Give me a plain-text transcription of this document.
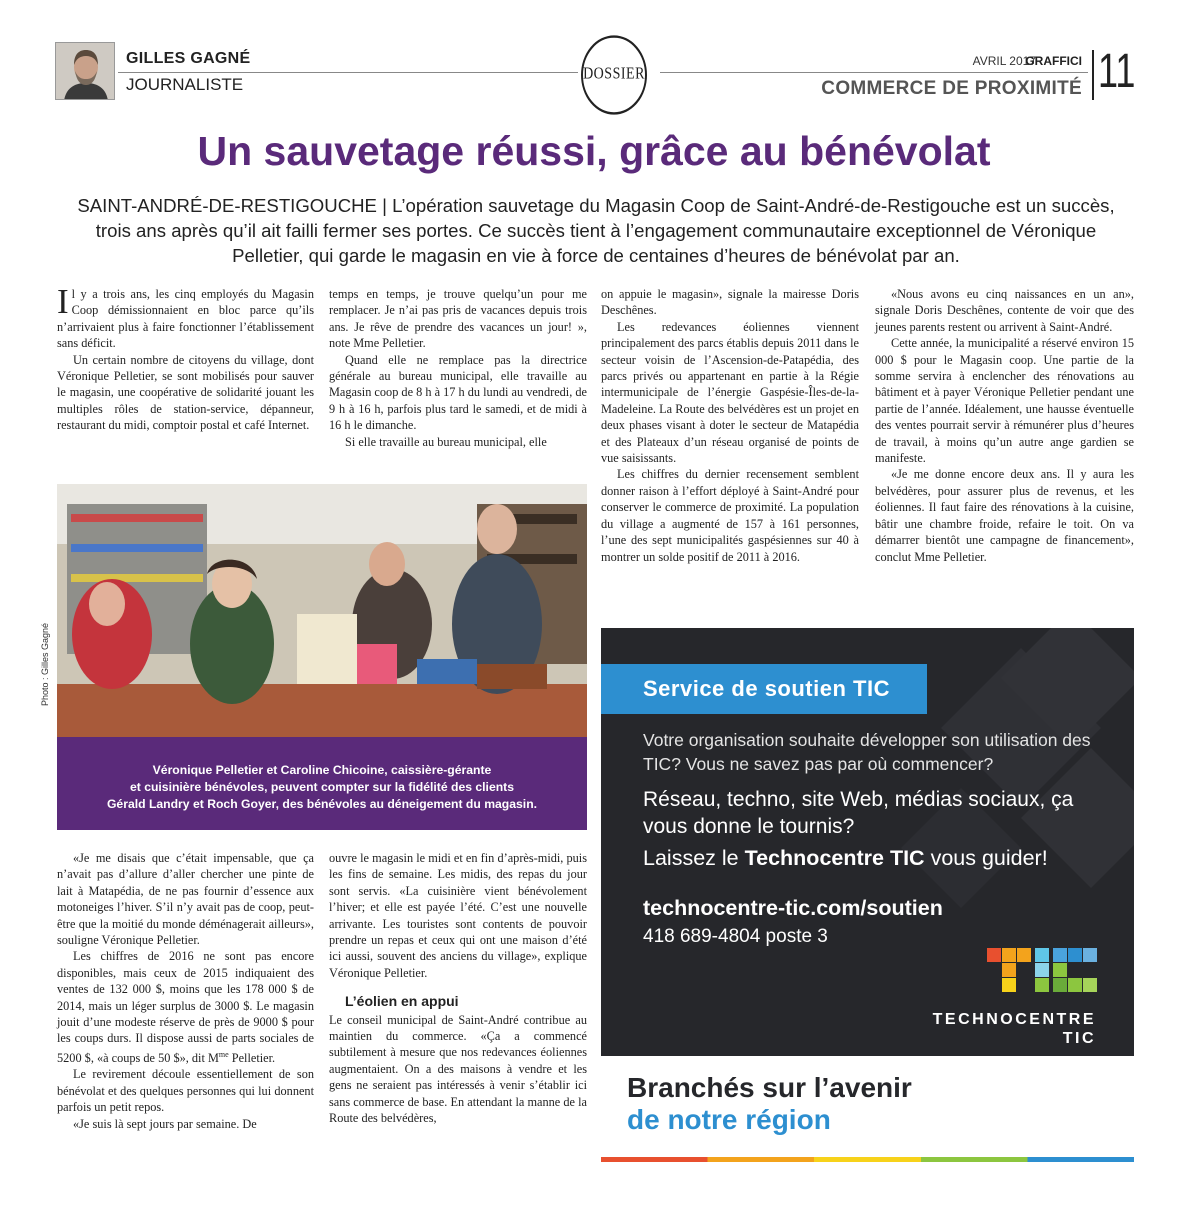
GILLES GAGNÉ
JOURNALISTE
DOSSIER
AVRIL 2017
GRAFFICI
COMMERCE DE PROXIMITÉ 11
Un sauvetage réussi, grâce au bénévolat
SAINT-ANDRÉ-DE-RESTIGOUCHE | L’opération sauvetage du Magasin Coop de Saint-André-de-Restigouche est un succès, trois ans après qu’il ait failli fermer ses portes. Ce succès tient à l’engagement communautaire exceptionnel de Véronique Pelletier, qui garde le magasin en vie à force de centaines d’heures de bénévolat par an.

Il y a trois ans, les cinq employés du Magasin Coop démissionnaient en bloc parce qu’ils n’arrivaient plus à faire fonctionner l’établissement sans déficit.

Un certain nombre de citoyens du village, dont Véronique Pelletier, se sont mobilisés pour sauver le magasin, une coopérative de solidarité jouant les multiples rôles de station-service, dépanneur, restaurant du midi, comptoir postal et café Internet.

temps en temps, je trouve quelqu’un pour me remplacer. Je n’ai pas pris de vacances depuis trois ans. Je rêve de prendre des vacances un jour! », note Mme Pelletier.

Quand elle ne remplace pas la directrice générale au bureau municipal, elle travaille au Magasin coop de 8 h à 17 h du lundi au vendredi, de 9 h à 16 h, parfois plus tard le samedi, et de midi à 16 h le dimanche.

Si elle travaille au bureau municipal, elle

on appuie le magasin», signale la mairesse Doris Deschênes.

Les redevances éoliennes viennent principalement des parcs établis depuis 2011 dans le secteur voisin de l’Ascension-de-Patapédia, des parcs privés ou appartenant en partie à la Régie intermunicipale de l’énergie Gaspésie-Îles-de-la-Madeleine. La Route des belvédères est un projet en deux phases visant à doter le secteur de Matapédia et des Plateaux d’un réseau organisé de points de vue saisissants.

Les chiffres du dernier recensement semblent donner raison à l’effort déployé à Saint-André pour conserver le commerce de proximité. La population du village a augmenté de 157 à 161 personnes, l’une des sept municipalités gaspésiennes sur 40 à montrer un solde positif de 2011 à 2016.

«Nous avons eu cinq naissances en un an», signale Doris Deschênes, contente de voir que des jeunes parents restent ou arrivent à Saint-André.

Cette année, la municipalité a réservé environ 15 000 $ pour le Magasin coop. Une partie de la somme servira à enclencher des rénovations au bâtiment et à payer Véronique Pelletier pendant une partie de l’année. Idéalement, une hausse éventuelle des ventes pourrait servir à rémunérer plus d’heures de travail, à moins qu’un autre ange gardien se manifeste.

«Je me donne encore deux ans. Il y aura les belvédères, pour assurer plus de revenus, et les éoliennes. Il faut faire des rénovations à la cuisine, bâtir une chambre froide, refaire le toit. On va démarrer bientôt une campagne de financement», conclut Mme Pelletier.

Photo : Gilles Gagné
Véronique Pelletier et Caroline Chicoine, caissière-gérante
et cuisinière bénévoles, peuvent compter sur la fidélité des clients
Gérald Landry et Roch Goyer, des bénévoles au déneigement du magasin.

«Je me disais que c’était impensable, que ça n’avait pas d’allure d’aller chercher une pinte de lait à Matapédia, de ne pas fournir d’essence aux motoneiges l’hiver. S’il n’y avait pas de coop, peut-être que la moitié du monde déménagerait ailleurs», souligne Véronique Pelletier.

Les chiffres de 2016 ne sont pas encore disponibles, mais ceux de 2015 indiquaient des ventes de 132 000 $, moins que les 178 000 $ de 2014, mais un léger surplus de 3000 $. Le magasin jouit d’une modeste réserve de près de 9000 $ pour les coups durs. Il dispose aussi de parts sociales de 5200 $, «à coups de 50 $», dit $M^{me}$ Pelletier.

Le revirement découle essentiellement de son bénévolat et des quelques personnes qui lui donnent parfois un petit repos.

«Je suis là sept jours par semaine. De

ouvre le magasin le midi et en fin d’après-midi, puis les fins de semaine. Les midis, des repas du jour sont servis. «La cuisinière vient bénévolement l’hiver; et elle est payée l’été. C’est une nouvelle arrivante. Les touristes sont contents de pouvoir prendre un repas et ceux qui ont une maison d’été ici aussi, souvent des anciens du village», explique Véronique Pelletier.

L’éolien en appui

Le conseil municipal de Saint-André contribue au maintien du commerce. «Ça a commencé subtilement à mesure que nos redevances éoliennes augmentaient. On a des maisons à vendre et les gens ne seraient pas intéressés à venir s’établir ici sans commerce de base. En attendant la manne de la Route des belvédères,

Service de soutien TIC
Votre organisation souhaite développer son utilisation des TIC? Vous ne savez pas par où commencer?
Réseau, techno, site Web, médias sociaux, ça vous donne le tournis?
Laissez le Technocentre TIC vous guider!
technocentre-tic.com/soutien
418 689-4804 poste 3
TECHNOCENTRE
TIC
Branchés sur l’avenir
de notre région
